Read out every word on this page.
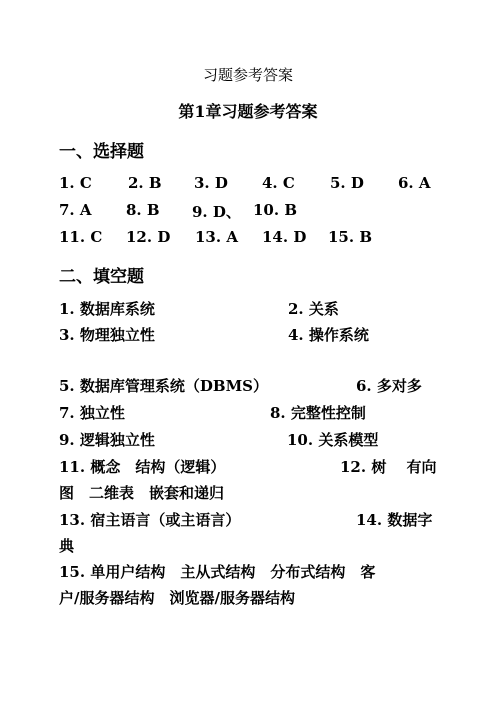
习题参考答案
第1章习题参考答案
一、选择题
1. C 2. B 3. D 4. C 5. D 6. A
7. A 8. B 9. D、 10. B
11. C 12. D 13. A 14. D 15. B
二、填空题
1. 数据库系统	2. 关系
3. 物理独立性	4. 操作系统
5. 数据库管理系统（DBMS）	6. 多对多
7. 独立性	8. 完整性控制
9. 逻辑独立性	10. 关系模型
11. 概念　结构（逻辑）	12. 树　 有向
图　二维表　嵌套和递归
13. 宿主语言（或主语言）	14. 数据字
典
15. 单用户结构　主从式结构　分布式结构　客
户/服务器结构　浏览器/服务器结构
